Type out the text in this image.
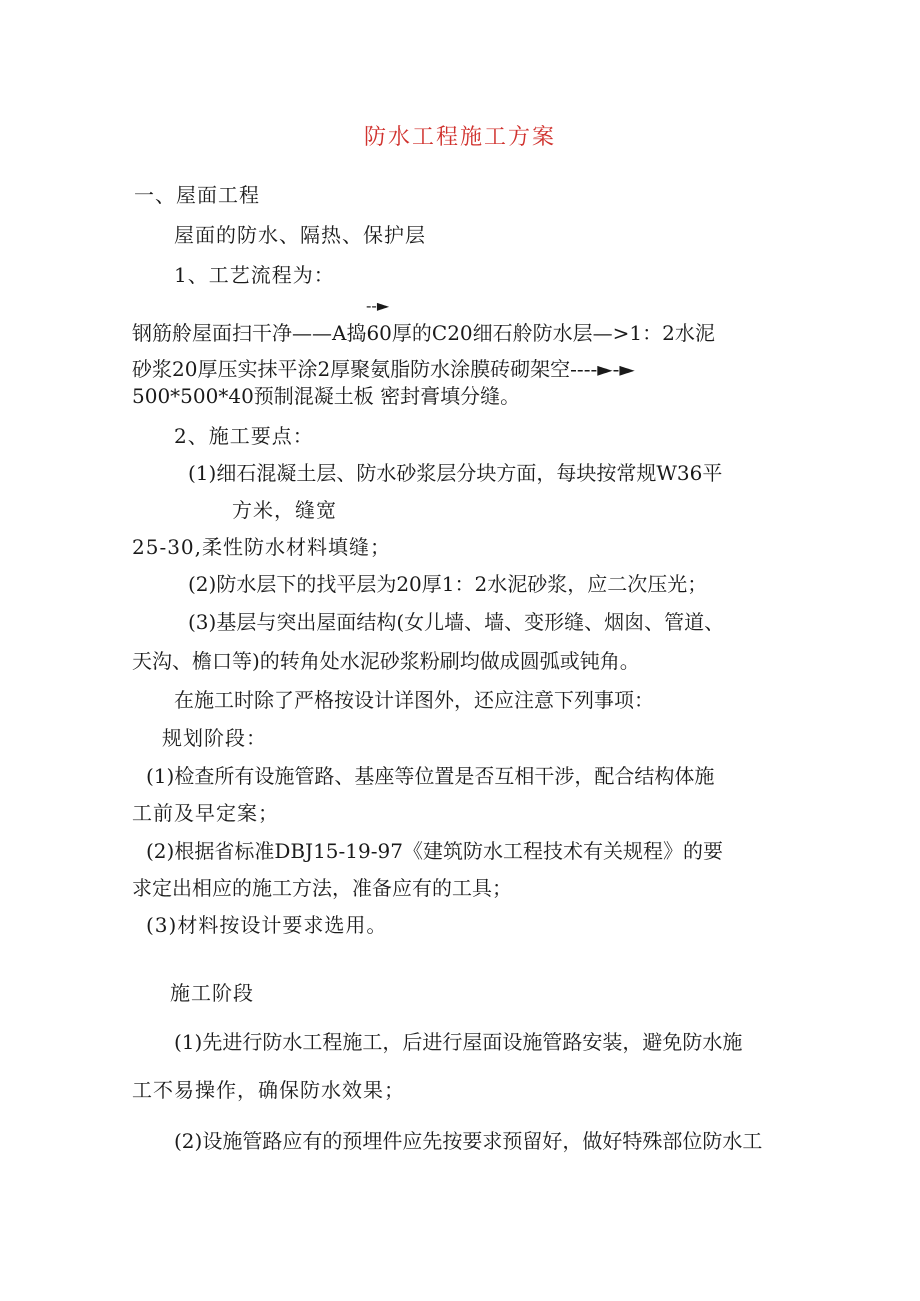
防水工程施工方案
一、屋面工程
屋面的防水、隔热、保护层
1、工艺流程为：
--►
钢筋舲屋面扫干净——A捣60厚的C20细石舲防水层—>1：2水泥
砂浆20厚压实抹平涂2厚聚氨脂防水涂膜砖砌架空----►-►
500*500*40预制混凝土板 密封膏填分缝。
2、施工要点：
(1)细石混凝土层、防水砂浆层分块方面，每块按常规W36平
方米，缝宽
25-30,柔性防水材料填缝；
(2)防水层下的找平层为20厚1：2水泥砂浆，应二次压光；
(3)基层与突出屋面结构(女儿墙、墙、变形缝、烟囱、管道、
天沟、檐口等)的转角处水泥砂浆粉刷均做成圆弧或钝角。
在施工时除了严格按设计详图外，还应注意下列事项：
规划阶段：
(1)检查所有设施管路、基座等位置是否互相干涉，配合结构体施
工前及早定案；
(2)根据省标准DBJ15-19-97《建筑防水工程技术有关规程》的要
求定出相应的施工方法，准备应有的工具；
(3)材料按设计要求选用。
施工阶段
(1)先进行防水工程施工，后进行屋面设施管路安装，避免防水施
工不易操作，确保防水效果；
(2)设施管路应有的预埋件应先按要求预留好，做好特殊部位防水工
